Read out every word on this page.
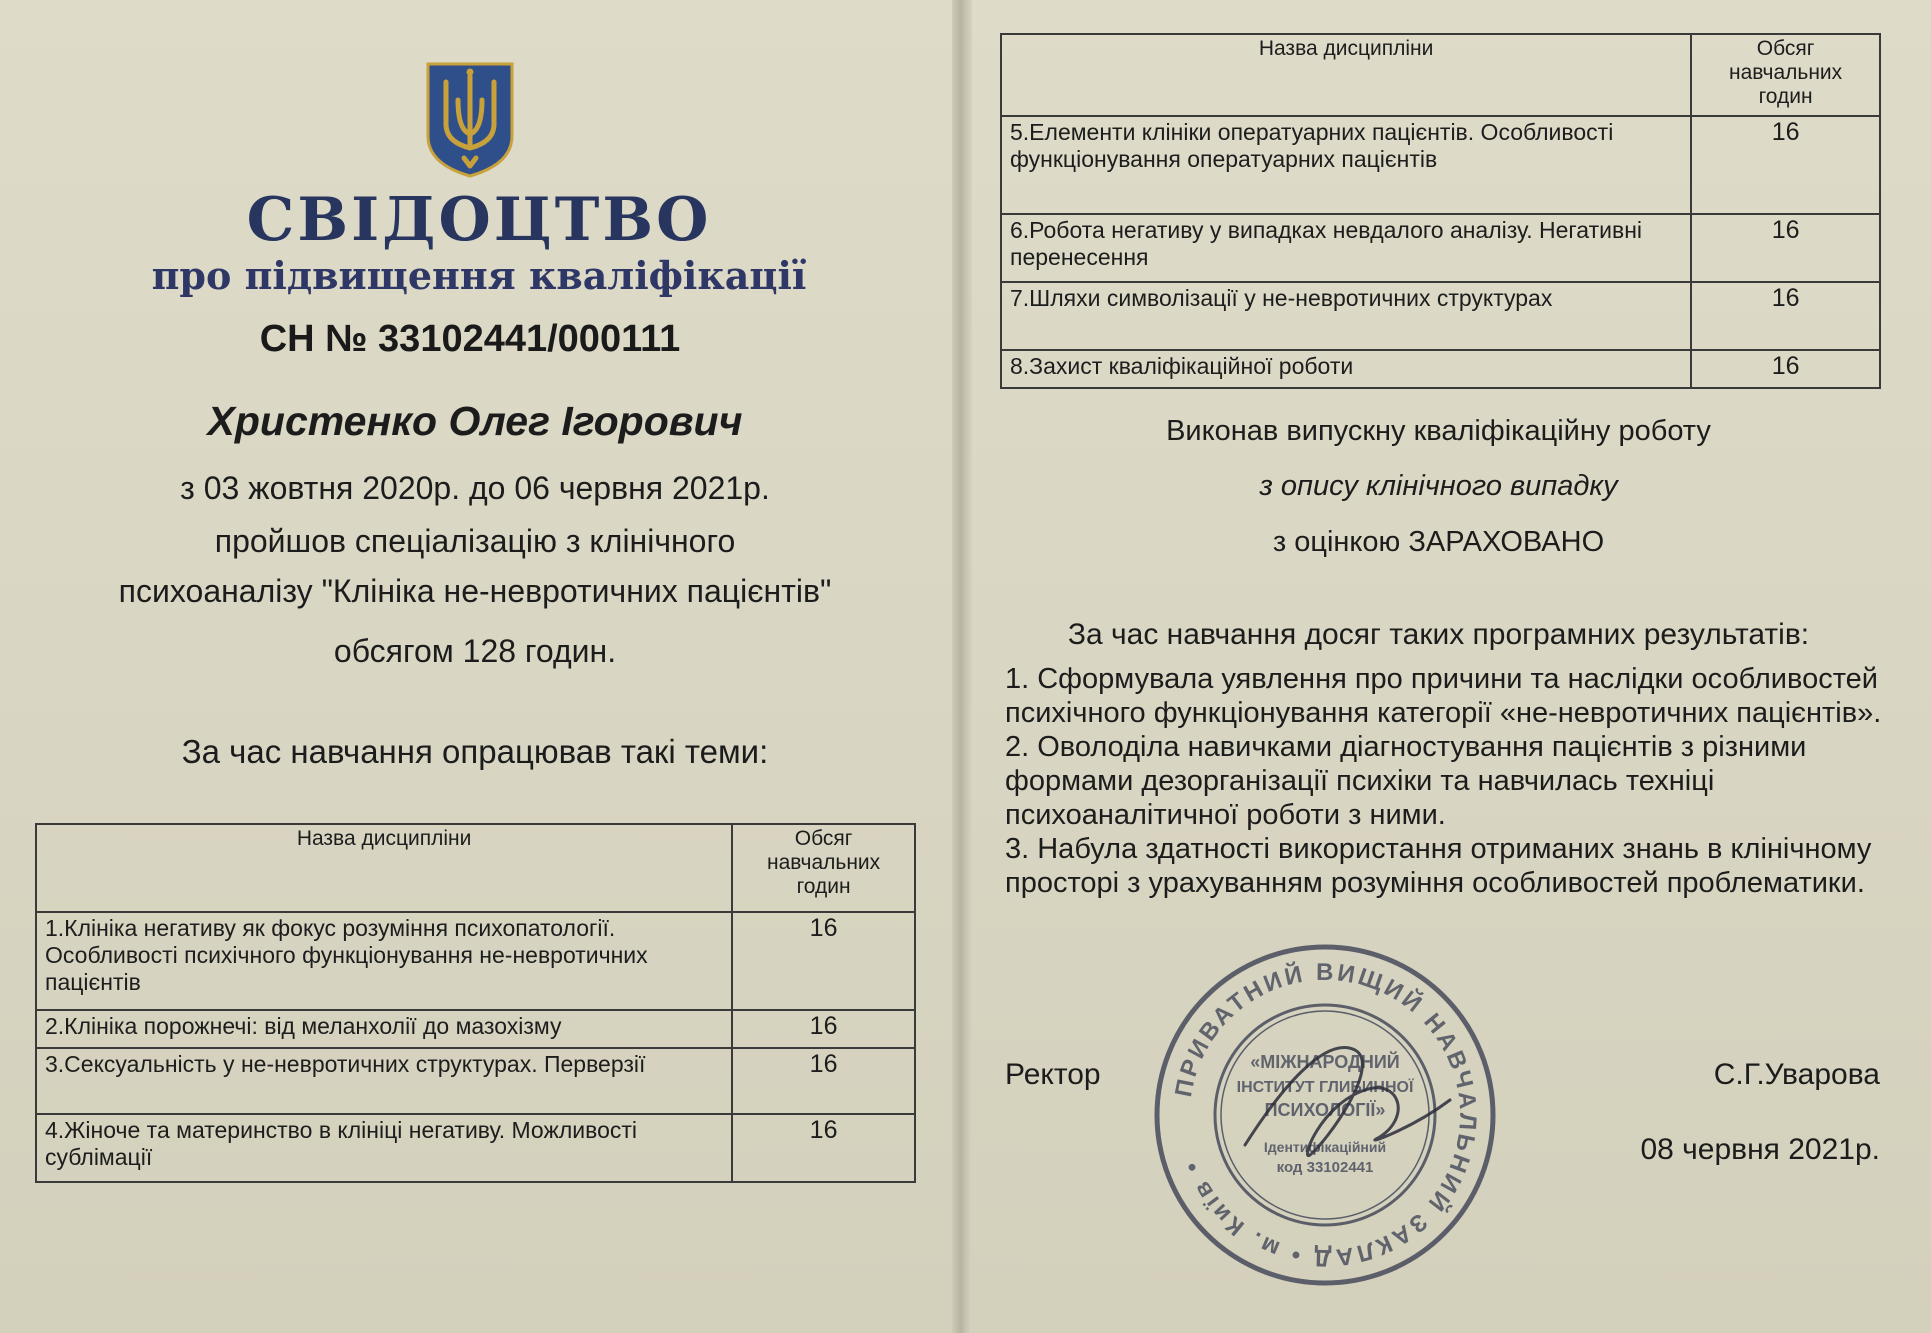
СВІДОЦТВО
про підвищення кваліфікації
СН № 33102441/000111
Христенко Олег Ігорович
з 03 жовтня 2020р. до 06 червня 2021р.
пройшов спеціалізацію з клінічного
психоаналізу "Клініка не-невротичних пацієнтів"
обсягом 128 годин.
За час навчання опрацював такі теми:
Назва дисципліни	Обсяг навчальних годин
1.Клініка негативу як фокус розуміння психопатології. Особливості психічного функціонування не-невротичних пацієнтів	16
2.Клініка порожнечі: від меланхолії до мазохізму	16
3.Сексуальність у не-невротичних структурах. Перверзії	16
4.Жіноче та материнство в клініці негативу. Можливості сублімації	16
Назва дисципліни	Обсяг навчальних годин
5.Елементи клініки оператуарних пацієнтів. Особливості функціонування оператуарних пацієнтів	16
6.Робота негативу у випадках невдалого аналізу. Негативні перенесення	16
7.Шляхи символізації у не-невротичних структурах	16
8.Захист кваліфікаційної роботи	16
Виконав випускну кваліфікаційну роботу
з опису клінічного випадку
з оцінкою ЗАРАХОВАНО
За час навчання досяг таких програмних результатів:
1. Сформувала уявлення про причини та наслідки особливостей психічного функціонування категорії «не-невротичних пацієнтів».
2. Оволоділа навичками діагностування пацієнтів з різними формами дезорганізації психіки та навчилась техніці психоаналітичної роботи з ними.
3. Набула здатності використання отриманих знань в клінічному просторі з урахуванням розуміння особливостей проблематики.
Ректор	С.Г.Уварова
08 червня 2021р.
ПРИВАТНИЙ ВИЩИЙ НАВЧАЛЬНИЙ ЗАКЛАД • м. Київ •
«МІЖНАРОДНИЙ
ІНСТИТУТ ГЛИБИННОЇ
ПСИХОЛОГІЇ»
Ідентифікаційний
код 33102441
